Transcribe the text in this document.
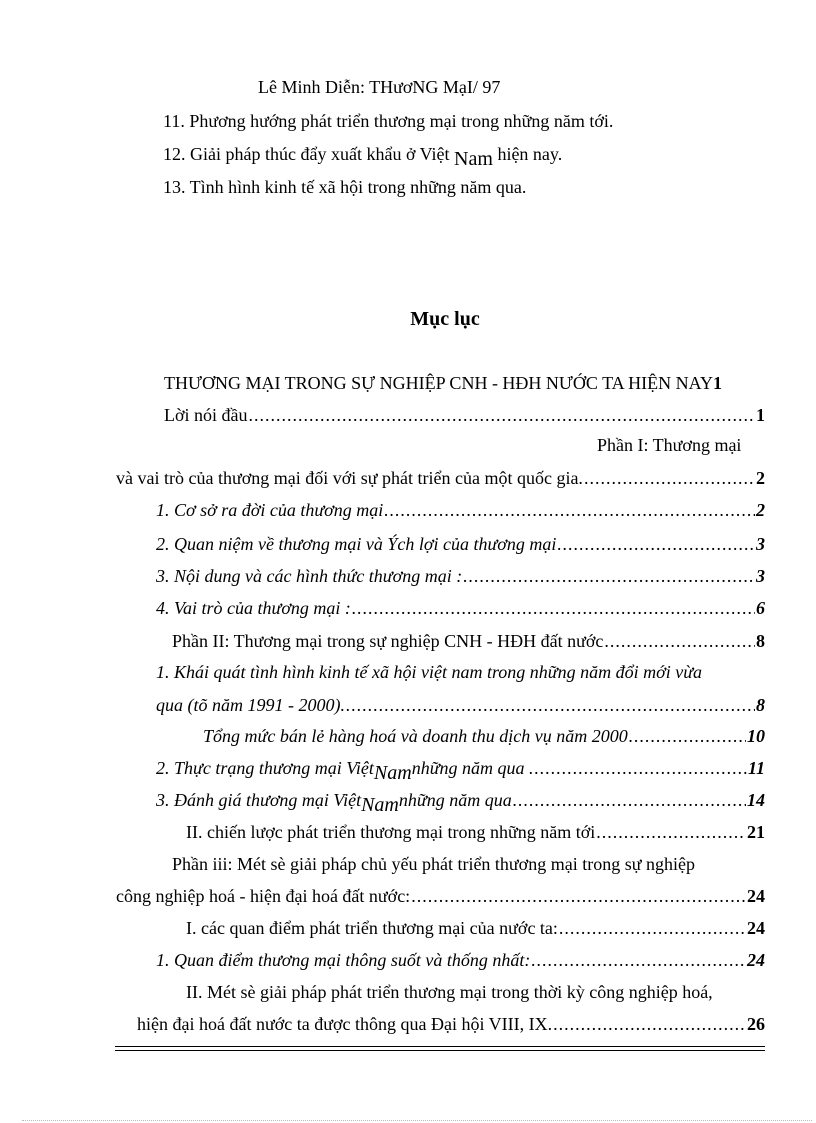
Lê Minh Diễn: THươNG MạI/ 97
11. Phương hướng phát triển thương mại trong những năm tới.
12. Giải pháp thúc đẩy xuất khẩu ở Việt Nam hiện nay.
13. Tình hình kinh tế xã hội trong những năm qua.
Mục lục
THƯƠNG MẠI TRONG SỰ NGHIỆP CNH - HĐH NƯỚC TA HIỆN NAY 1
Lời nói đầu .....	1
Phần I: Thương mại
và vai trò của thương mại đối với sự phát triển của một quốc gia. .....	2
1. Cơ sở ra đời của thương mại .....	2
2. Quan niệm về thương mại và Ých lợi của thương mại .....	3
3. Nội dung và các hình thức thương mại : .....	3
4. Vai trò của thương mại : .....	6
Phần II: Thương mại trong sự nghiệp CNH - HĐH đất nước .....	8
1. Khái quát tình hình kinh tế xã hội việt nam trong những năm đổi mới vừa
qua (tõ năm 1991 - 2000). .....	8
Tổng mức bán lẻ hàng hoá và doanh thu dịch vụ năm 2000 .....	10
2. Thực trạng thương mại Việt Nam những năm qua . .....	11
3. Đánh giá thương mại Việt Nam những năm qua .....	14
II. chiến lược phát triển thương mại trong những năm tới .....	21
Phần iii: Mét sè giải pháp chủ yếu phát triển thương mại trong sự nghiệp
công nghiệp hoá - hiện đại hoá đất nước: .....	24
I. các quan điểm phát triển thương mại của nước ta: .....	24
1. Quan điểm thương mại thông suốt và thống nhất: .....	24
II. Mét sè giải pháp phát triển thương mại trong thời kỳ công nghiệp hoá,
hiện đại hoá đất nước ta được thông qua Đại hội VIII, IX. .....	26
